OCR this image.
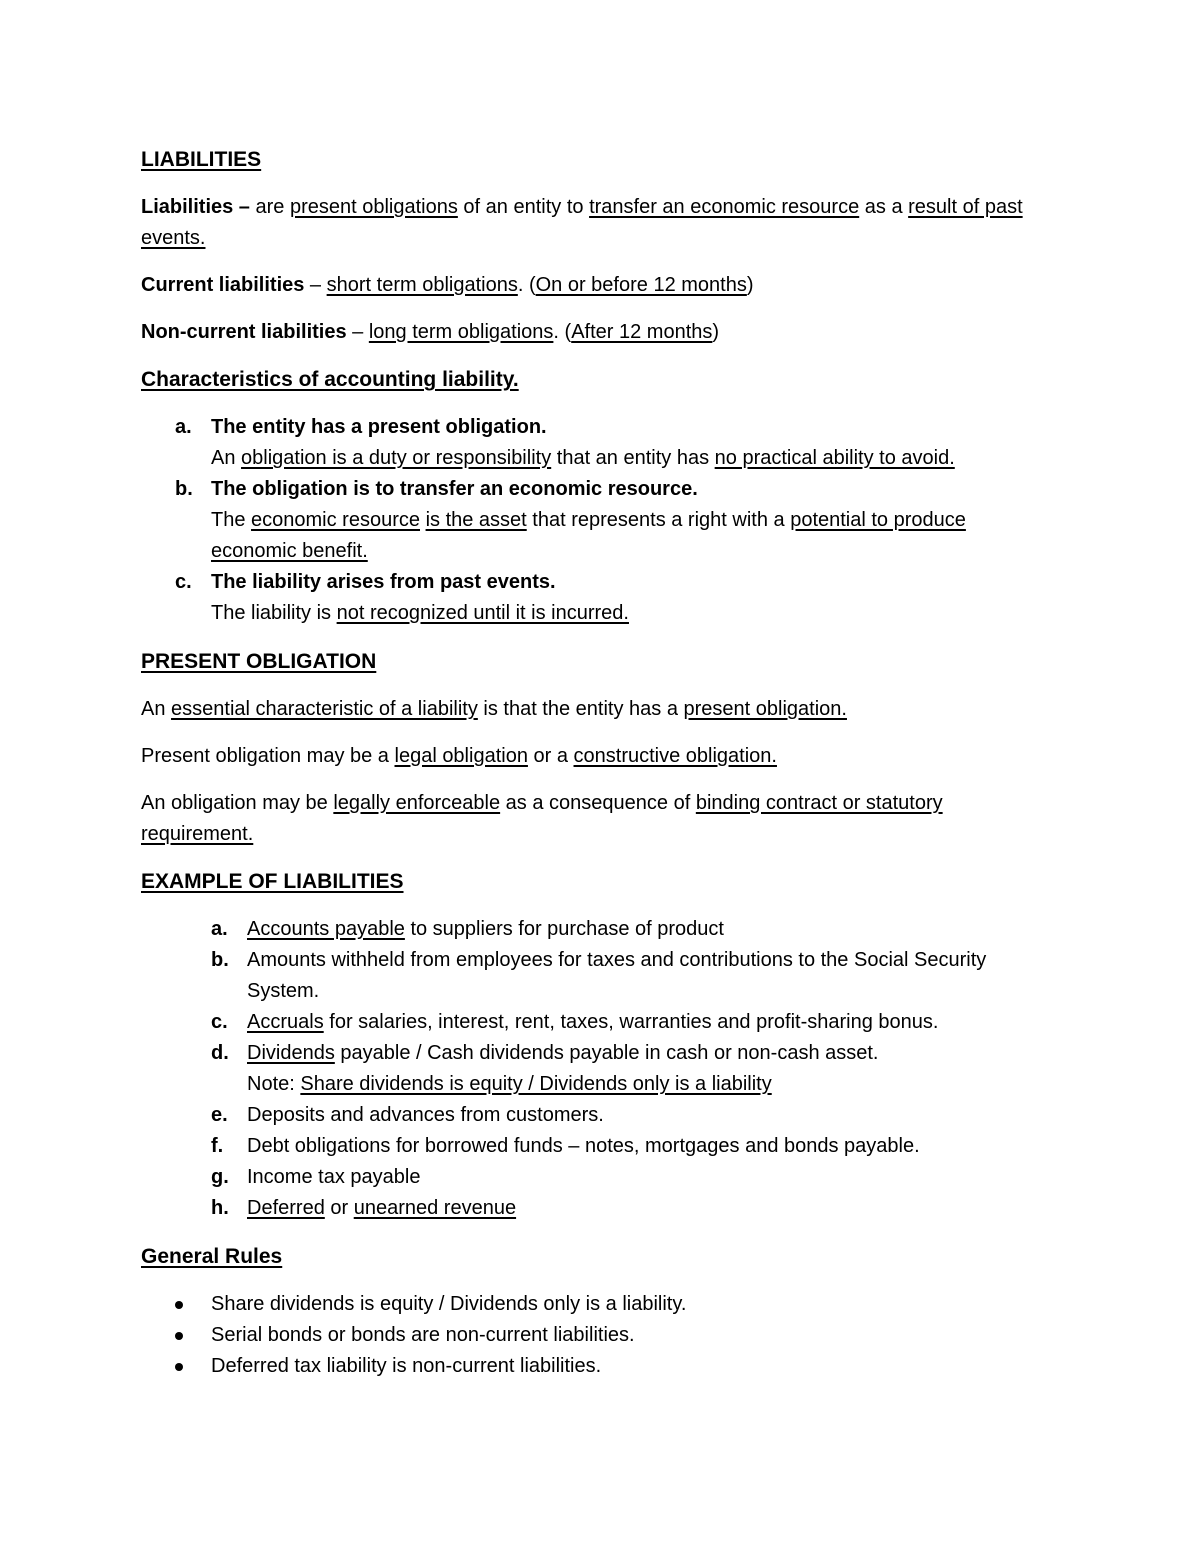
LIABILITIES

Liabilities – are present obligations of an entity to transfer an economic resource as a result of past events.

Current liabilities – short term obligations. (On or before 12 months)

Non-current liabilities – long term obligations. (After 12 months)

Characteristics of accounting liability.
a. The entity has a present obligation.
An obligation is a duty or responsibility that an entity has no practical ability to avoid.
b. The obligation is to transfer an economic resource.
The economic resource is the asset that represents a right with a potential to produce economic benefit.
c. The liability arises from past events.
The liability is not recognized until it is incurred.
PRESENT OBLIGATION

An essential characteristic of a liability is that the entity has a present obligation.

Present obligation may be a legal obligation or a constructive obligation.

An obligation may be legally enforceable as a consequence of binding contract or statutory requirement.

EXAMPLE OF LIABILITIES
a. Accounts payable to suppliers for purchase of product
b. Amounts withheld from employees for taxes and contributions to the Social Security System.
c. Accruals for salaries, interest, rent, taxes, warranties and profit-sharing bonus.
d. Dividends payable / Cash dividends payable in cash or non-cash asset.
Note: Share dividends is equity / Dividends only is a liability
e. Deposits and advances from customers.
f. Debt obligations for borrowed funds – notes, mortgages and bonds payable.
g. Income tax payable
h. Deferred or unearned revenue
General Rules
Share dividends is equity / Dividends only is a liability.
Serial bonds or bonds are non-current liabilities.
Deferred tax liability is non-current liabilities.
